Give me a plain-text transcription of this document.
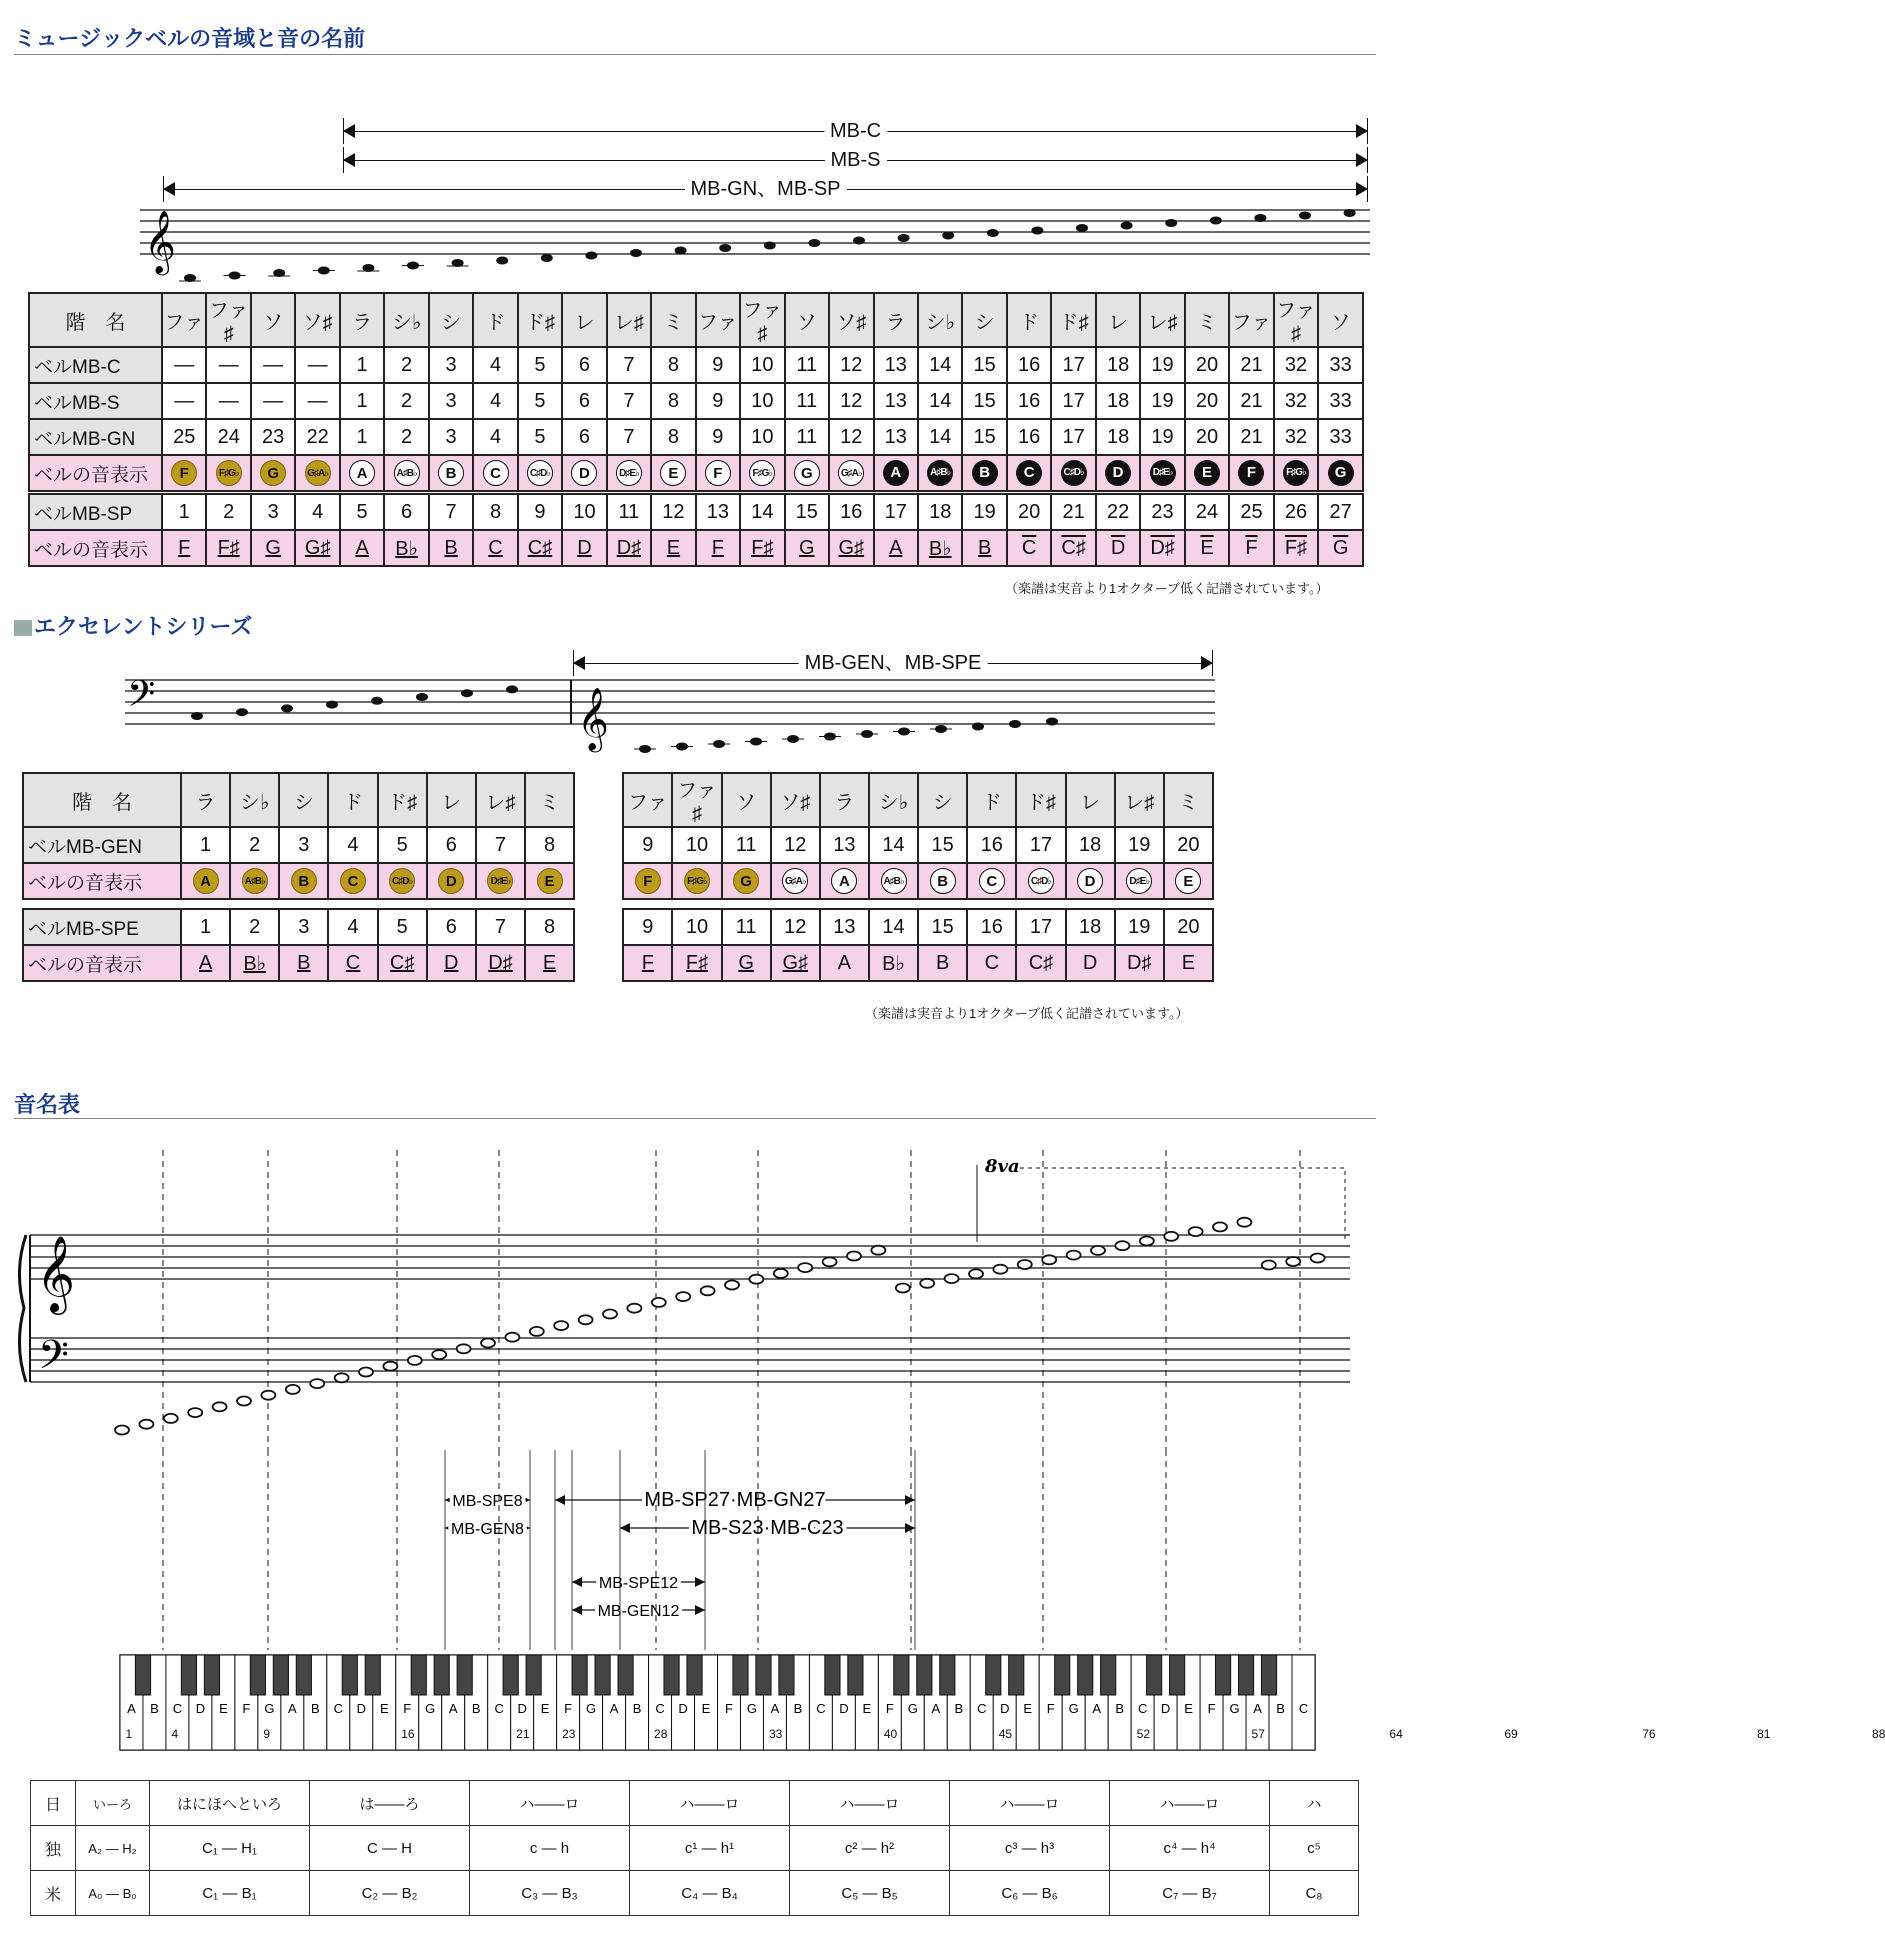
ミュージックベルの音域と音の名前
MB-C
MB-S
MB-GN、MB-SP
𝄞
階　名	ファ	ファ♯	ソ	ソ♯	ラ	シ♭	シ	ド	ド♯	レ	レ♯	ミ	ファ	ファ♯	ソ	ソ♯	ラ	シ♭	シ	ド	ド♯	レ	レ♯	ミ	ファ	ファ♯	ソ
ベルMB-C	—	—	—	—	1	2	3	4	5	6	7	8	9	10	11	12	13	14	15	16	17	18	19	20	21	32	33
ベルMB-S	—	—	—	—	1	2	3	4	5	6	7	8	9	10	11	12	13	14	15	16	17	18	19	20	21	32	33
ベルMB-GN	25	24	23	22	1	2	3	4	5	6	7	8	9	10	11	12	13	14	15	16	17	18	19	20	21	32	33
ベルの音表示	F	F♯G♭	G	G♯A♭	A	A♯B♭	B	C	C♯D♭	D	D♯E♭	E	F	F♯G♭	G	G♯A♭	A	A♯B♭	B	C	C♯D♭	D	D♯E♭	E	F	F♯G♭	G
ベルMB-SP	1	2	3	4	5	6	7	8	9	10	11	12	13	14	15	16	17	18	19	20	21	22	23	24	25	26	27
ベルの音表示	F	F♯	G	G♯	A	B♭	B	C	C♯	D	D♯	E	F	F♯	G	G♯	A	B♭	B	$\overline{C}$	C♯	$\overline{D}$	D♯	$\overline{E}$	$\overline{F}$	F♯	$\overline{G}$
（楽譜は実音より1オクターブ低く記譜されています。）
エクセレントシリーズ
MB-GEN、MB-SPE
𝄢	𝄞
階　名	ラ	シ♭	シ	ド	ド♯	レ	レ♯	ミ		ファ	ファ♯	ソ	ソ♯	ラ	シ♭	シ	ド	ド♯	レ	レ♯	ミ
ベルMB-GEN	1	2	3	4	5	6	7	8		9	10	11	12	13	14	15	16	17	18	19	20
ベルの音表示	A	A♯B♭	B	C	C♯D♭	D	D♯E♭	E		F	F♯G♭	G	G♯A♭	A	A♯B♭	B	C	C♯D♭	D	D♯E♭	E
ベルMB-SPE	1	2	3	4	5	6	7	8		9	10	11	12	13	14	15	16	17	18	19	20
ベルの音表示	A	B♭	B	C	C♯	D	D♯	E		F	F♯	G	G♯	A	B♭	B	C	C♯	D	D♯	E
（楽譜は実音より1オクターブ低く記譜されています。）
音名表
𝄞
𝄢
8va
MB-SPE8
MB-GEN8
MB-SP27·MB-GN27
MB-S23·MB-C23
MB-SPE12
MB-GEN12
A B C D E F G A B C D E F G A B C D E F G A B C D E F G A B C D E F G A B C D E F G A B C D E F G A B C
1	4	9	16	21	23	28	33	40	45	52	57	64	69	76	81	88
日	いーろ	はにほへといろ	は——ろ	ハ——ロ	ハ——ロ	ハ——ロ	ハ——ロ	ハ——ロ	ハ
独	A₂ — H₂	C₁ — H₁	C — H	c — h	c¹ — h¹	c² — h²	c³ — h³	c⁴ — h⁴	c⁵
米	A₀ — B₀	C₁ — B₁	C₂ — B₂	C₃ — B₃	C₄ — B₄	C₅ — B₅	C₆ — B₆	C₇ — B₇	C₈
